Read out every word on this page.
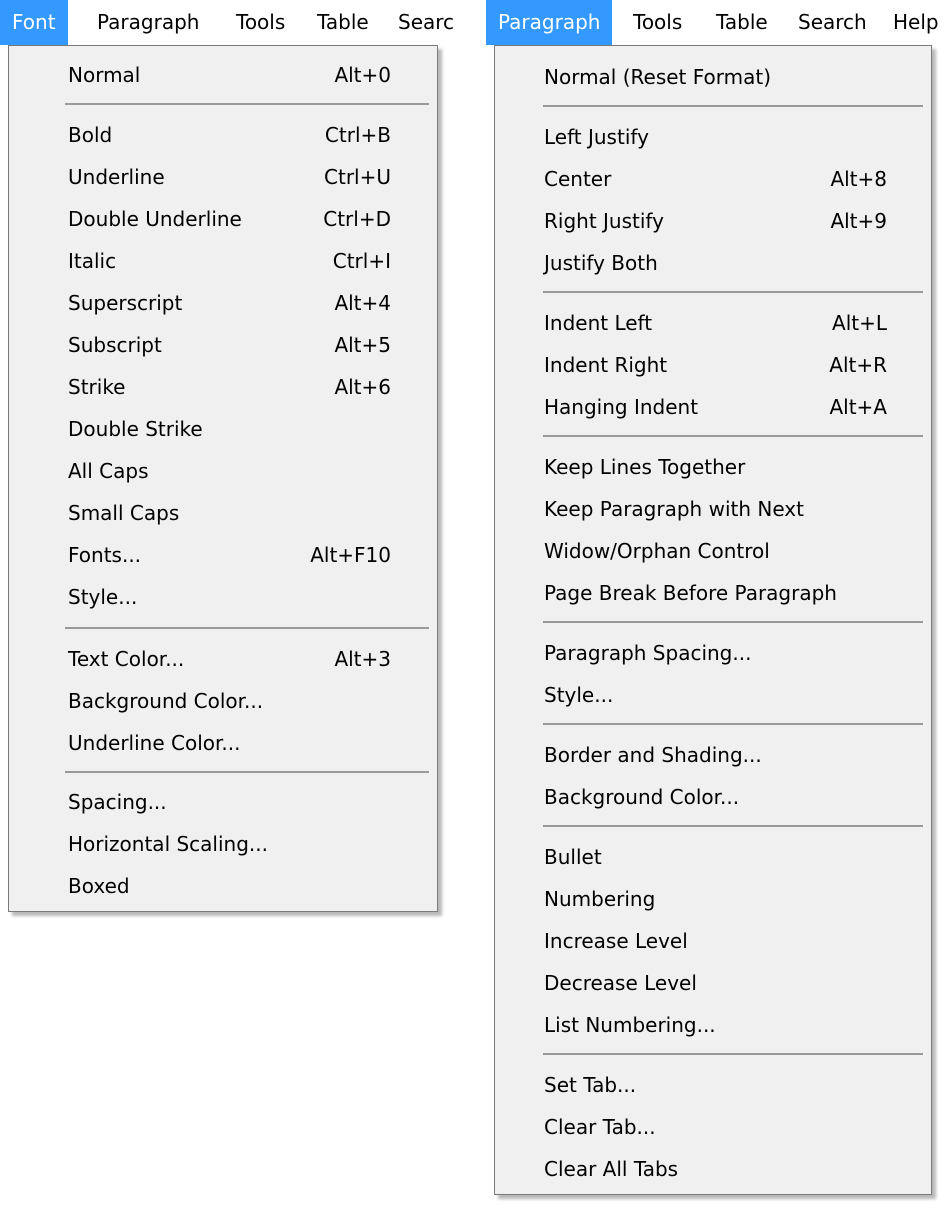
Font	Paragraph	Tools	Table	Searc
Normal	Alt+0
Bold	Ctrl+B
Underline	Ctrl+U
Double Underline	Ctrl+D
Italic	Ctrl+I
Superscript	Alt+4
Subscript	Alt+5
Strike	Alt+6
Double Strike
All Caps
Small Caps
Fonts...	Alt+F10
Style...
Text Color...	Alt+3
Background Color...
Underline Color...
Spacing...
Horizontal Scaling...
Boxed
Paragraph	Tools	Table	Search	Help
Normal (Reset Format)
Left Justify
Center	Alt+8
Right Justify	Alt+9
Justify Both
Indent Left	Alt+L
Indent Right	Alt+R
Hanging Indent	Alt+A
Keep Lines Together
Keep Paragraph with Next
Widow/Orphan Control
Page Break Before Paragraph
Paragraph Spacing...
Style...
Border and Shading...
Background Color...
Bullet
Numbering
Increase Level
Decrease Level
List Numbering...
Set Tab...
Clear Tab...
Clear All Tabs
